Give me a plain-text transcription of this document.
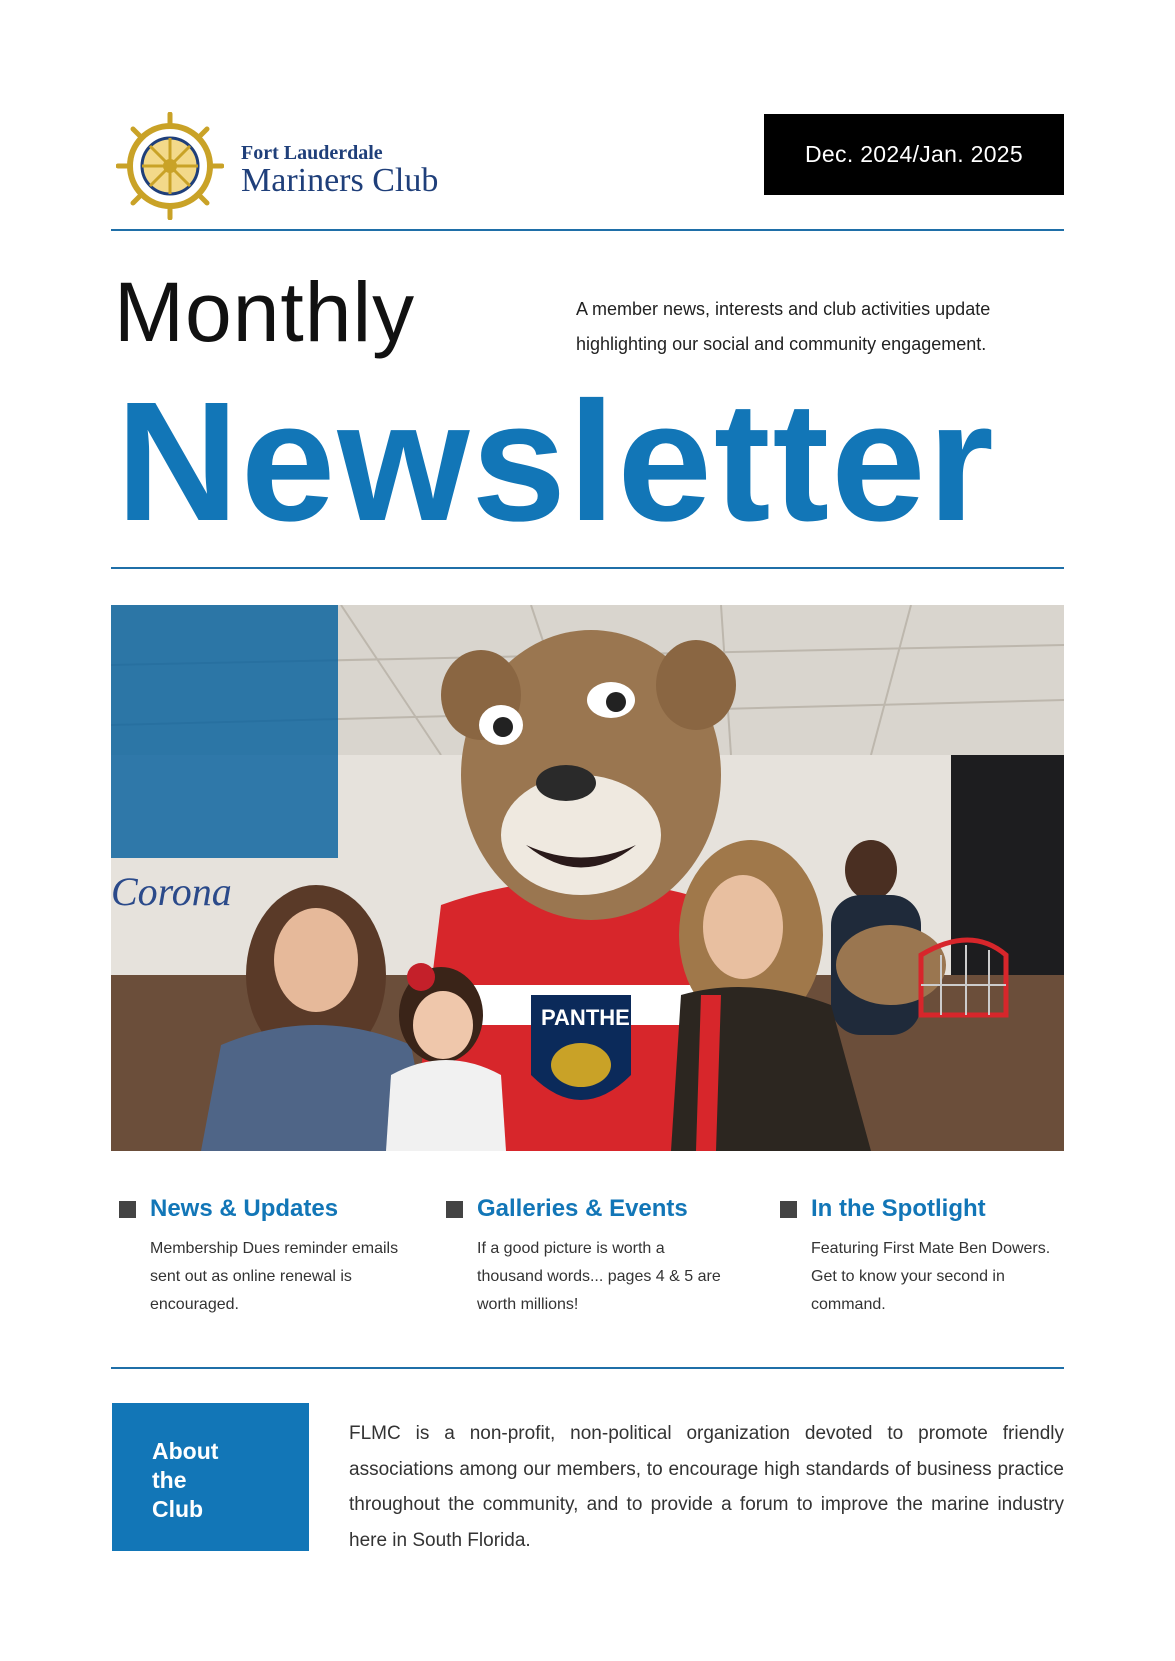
Fort Lauderdale
Mariners Club
Dec. 2024/Jan. 2025
Monthly	A member news, interests and club activities update
highlighting our social and community engagement.
Newsletter
Corona
PANTHERS
News & Updates
Membership Dues reminder emails sent out as online renewal is encouraged.
Galleries & Events
If a good picture is worth a thousand words... pages 4 & 5 are worth millions!
In the Spotlight
Featuring First Mate Ben Dowers. Get to know your second in command.
About
the
Club
FLMC is a non-profit, non-political organization devoted to promote friendly associations among our members, to encourage high standards of business practice throughout the community, and to provide a forum to improve the marine industry here in South Florida.
